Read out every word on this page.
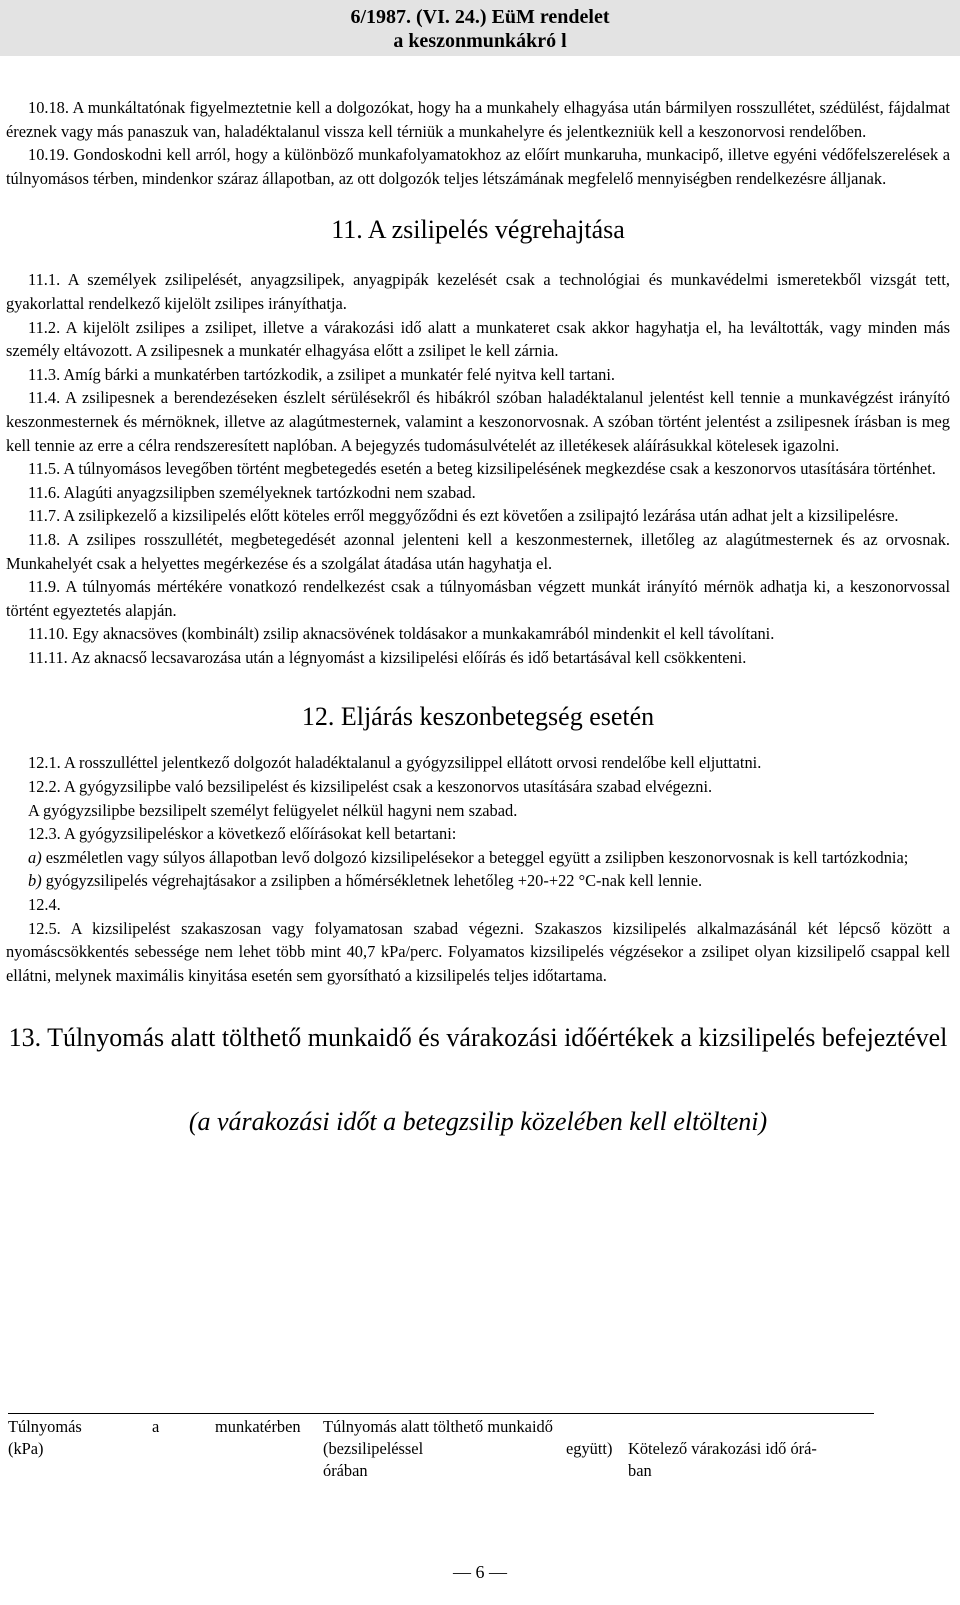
6/1987. (VI. 24.) EüM rendelet
a keszonmunkákró l

10.18. A munkáltatónak figyelmeztetnie kell a dolgozókat, hogy ha a munkahely elhagyása után bármilyen rosszullétet, szédülést, fájdalmat éreznek vagy más panaszuk van, haladéktalanul vissza kell térniük a munkahelyre és jelentkezniük kell a keszonorvosi rendelőben.

10.19. Gondoskodni kell arról, hogy a különböző munkafolyamatokhoz az előírt munkaruha, munkacipő, illetve egyéni védőfelszerelések a túlnyomásos térben, mindenkor száraz állapotban, az ott dolgozók teljes létszámának megfelelő mennyiségben rendelkezésre álljanak.

11. A zsilipelés végrehajtása

11.1. A személyek zsilipelését, anyagzsilipek, anyagpipák kezelését csak a technológiai és munkavédelmi ismeretekből vizsgát tett, gyakorlattal rendelkező kijelölt zsilipes irányíthatja.

11.2. A kijelölt zsilipes a zsilipet, illetve a várakozási idő alatt a munkateret csak akkor hagyhatja el, ha leváltották, vagy minden más személy eltávozott. A zsilipesnek a munkatér elhagyása előtt a zsilipet le kell zárnia.

11.3. Amíg bárki a munkatérben tartózkodik, a zsilipet a munkatér felé nyitva kell tartani.

11.4. A zsilipesnek a berendezéseken észlelt sérülésekről és hibákról szóban haladéktalanul jelentést kell tennie a munkavégzést irányító keszonmesternek és mérnöknek, illetve az alagútmesternek, valamint a keszonorvosnak. A szóban történt jelentést a zsilipesnek írásban is meg kell tennie az erre a célra rendszeresített naplóban. A bejegyzés tudomásulvételét az illetékesek aláírásukkal kötelesek igazolni.

11.5. A túlnyomásos levegőben történt megbetegedés esetén a beteg kizsilipelésének megkezdése csak a keszonorvos utasítására történhet.

11.6. Alagúti anyagzsilipben személyeknek tartózkodni nem szabad.

11.7. A zsilipkezelő a kizsilipelés előtt köteles erről meggyőződni és ezt követően a zsilipajtó lezárása után adhat jelt a kizsilipelésre.

11.8. A zsilipes rosszullétét, megbetegedését azonnal jelenteni kell a keszonmesternek, illetőleg az alagútmesternek és az orvosnak. Munkahelyét csak a helyettes megérkezése és a szolgálat átadása után hagyhatja el.

11.9. A túlnyomás mértékére vonatkozó rendelkezést csak a túlnyomásban végzett munkát irányító mérnök adhatja ki, a keszonorvossal történt egyeztetés alapján.

11.10. Egy aknacsöves (kombinált) zsilip aknacsövének toldásakor a munkakamrából mindenkit el kell távolítani.

11.11. Az aknacső lecsavarozása után a légnyomást a kizsilipelési előírás és idő betartásával kell csökkenteni.

12. Eljárás keszonbetegség esetén

12.1. A rosszulléttel jelentkező dolgozót haladéktalanul a gyógyzsilippel ellátott orvosi rendelőbe kell eljuttatni.

12.2. A gyógyzsilipbe való bezsilipelést és kizsilipelést csak a keszonorvos utasítására szabad elvégezni.

A gyógyzsilipbe bezsilipelt személyt felügyelet nélkül hagyni nem szabad.

12.3. A gyógyzsilipeléskor a következő előírásokat kell betartani:

a) eszméletlen vagy súlyos állapotban levő dolgozó kizsilipelésekor a beteggel együtt a zsilipben keszonorvosnak is kell tartózkodnia;

b) gyógyzsilipelés végrehajtásakor a zsilipben a hőmérsékletnek lehetőleg +20-+22 °C-nak kell lennie.

12.4.

12.5. A kizsilipelést szakaszosan vagy folyamatosan szabad végezni. Szakaszos kizsilipelés alkalmazásánál két lépcső között a nyomáscsökkentés sebessége nem lehet több mint 40,7 kPa/perc. Folyamatos kizsilipelés végzésekor a zsilipet olyan kizsilipelő csappal kell ellátni, melynek maximális kinyitása esetén sem gyorsítható a kizsilipelés teljes időtartama.

13. Túlnyomás alatt tölthető munkaidő és várakozási időértékek a kizsilipelés befejeztével
(a várakozási időt a betegzsilip közelében kell eltölteni)
Túlnyomás
(kPa)
a	munkatérben Túlnyomás alatt tölthető munkaidő
(bezsilipeléssel
órában
együtt) Kötelező várakozási idő órá-
ban
— 6 —
